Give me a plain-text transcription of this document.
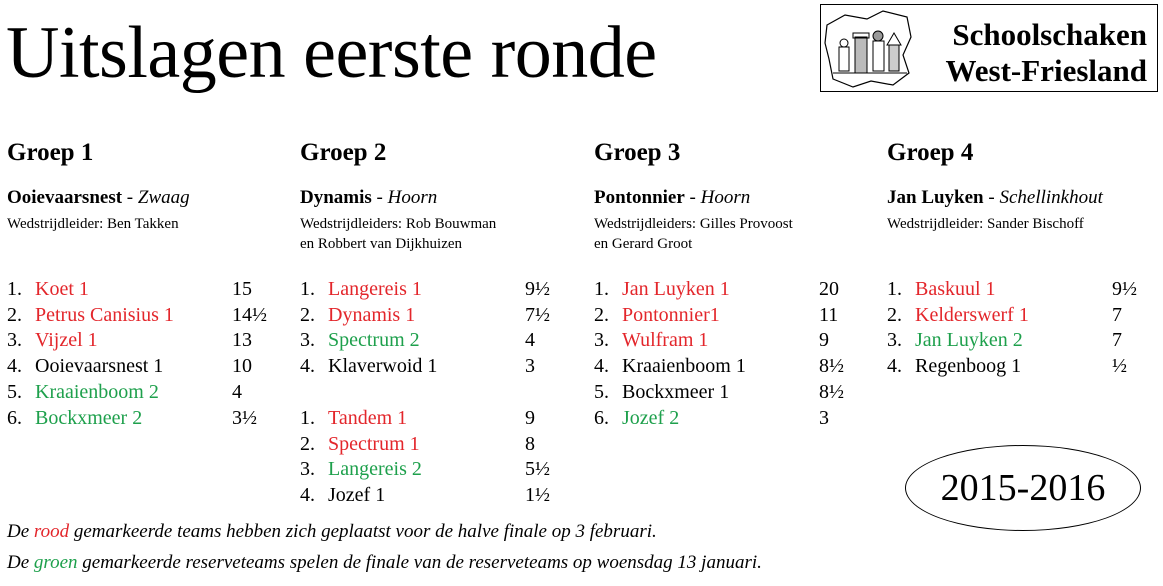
Uitslagen eerste ronde	Schoolschaken
West-Friesland
Groep 1
Ooievaarsnest - Zwaag
Wedstrijdleider: Ben Takken
1. Koet 1	15
2. Petrus Canisius 1	14½
3. Vijzel 1	13
4. Ooievaarsnest 1	10
5. Kraaienboom 2	4
6. Bockxmeer 2	3½
Groep 2
Dynamis - Hoorn
Wedstrijdleiders: Rob Bouwman
en Robbert van Dijkhuizen
1. Langereis 1	9½
2. Dynamis 1	7½
3. Spectrum 2	4
4. Klaverwoid 1	3
1. Tandem 1	9
2. Spectrum 1	8
3. Langereis 2	5½
4. Jozef 1	1½
Groep 3
Pontonnier - Hoorn
Wedstrijdleiders: Gilles Provoost
en Gerard Groot
1. Jan Luyken 1	20
2. Pontonnier1	11
3. Wulfram 1	9
4. Kraaienboom 1	8½
5. Bockxmeer 1	8½
6. Jozef 2	3
Groep 4
Jan Luyken - Schellinkhout
Wedstrijdleider: Sander Bischoff
1. Baskuul 1	9½
2. Kelderswerf 1	7
3. Jan Luyken 2	7
4. Regenboog 1	½
2015-2016
De rood gemarkeerde teams hebben zich geplaatst voor de halve finale op 3 februari.
De groen gemarkeerde reserveteams spelen de finale van de reserveteams op woensdag 13 januari.
